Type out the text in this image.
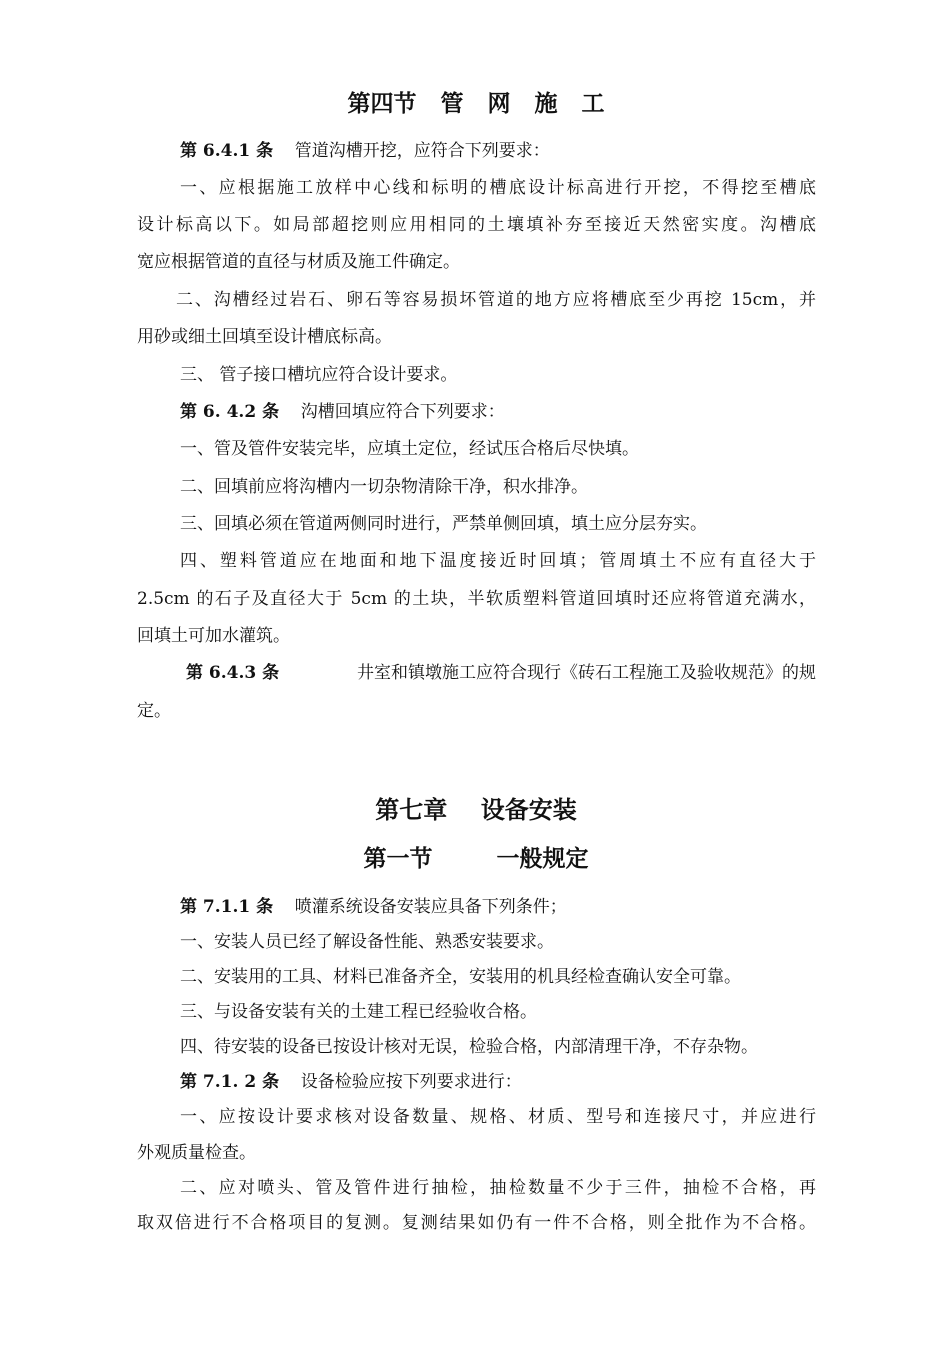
第四节   管   网   施   工
第 6.4.1 条 管道沟槽开挖，应符合下列要求：
一、应根据施工放样中心线和标明的槽底设计标高进行开挖，不得挖至槽底
设计标高以下。如局部超挖则应用相同的土壤填补夯至接近天然密实度。沟槽底
宽应根据管道的直径与材质及施工件确定。
二、沟槽经过岩石、卵石等容易损坏管道的地方应将槽底至少再挖 15cm，并
用砂或细土回填至设计槽底标高。
三、 管子接口槽坑应符合设计要求。
第 6. 4.2 条 沟槽回填应符合下列要求：
一、管及管件安装完毕，应填土定位，经试压合格后尽快填。
二、回填前应将沟槽内一切杂物清除干净，积水排净。
三、回填必须在管道两侧同时进行，严禁单侧回填，填土应分层夯实。
四、塑料管道应在地面和地下温度接近时回填；管周填土不应有直径大于
2.5cm 的石子及直径大于 5cm 的土块，半软质塑料管道回填时还应将管道充满水，
回填土可加水灌筑。
第 6.4.3 条	井室和镇墩施工应符合现行《砖石工程施工及验收规范》的规
定。
第七章    设备安装
第一节        一般规定
第 7.1.1 条 喷灌系统设备安装应具备下列条件；
一、安装人员已经了解设备性能、熟悉安装要求。
二、安装用的工具、材料已准备齐全，安装用的机具经检查确认安全可靠。
三、与设备安装有关的土建工程已经验收合格。
四、待安装的设备已按设计核对无误，检验合格，内部清理干净，不存杂物。
第 7.1. 2 条 设备检验应按下列要求进行：
一、应按设计要求核对设备数量、规格、材质、型号和连接尺寸，并应进行
外观质量检查。
二、应对喷头、管及管件进行抽检，抽检数量不少于三件，抽检不合格，再
取双倍进行不合格项目的复测。复测结果如仍有一件不合格，则全批作为不合格。
